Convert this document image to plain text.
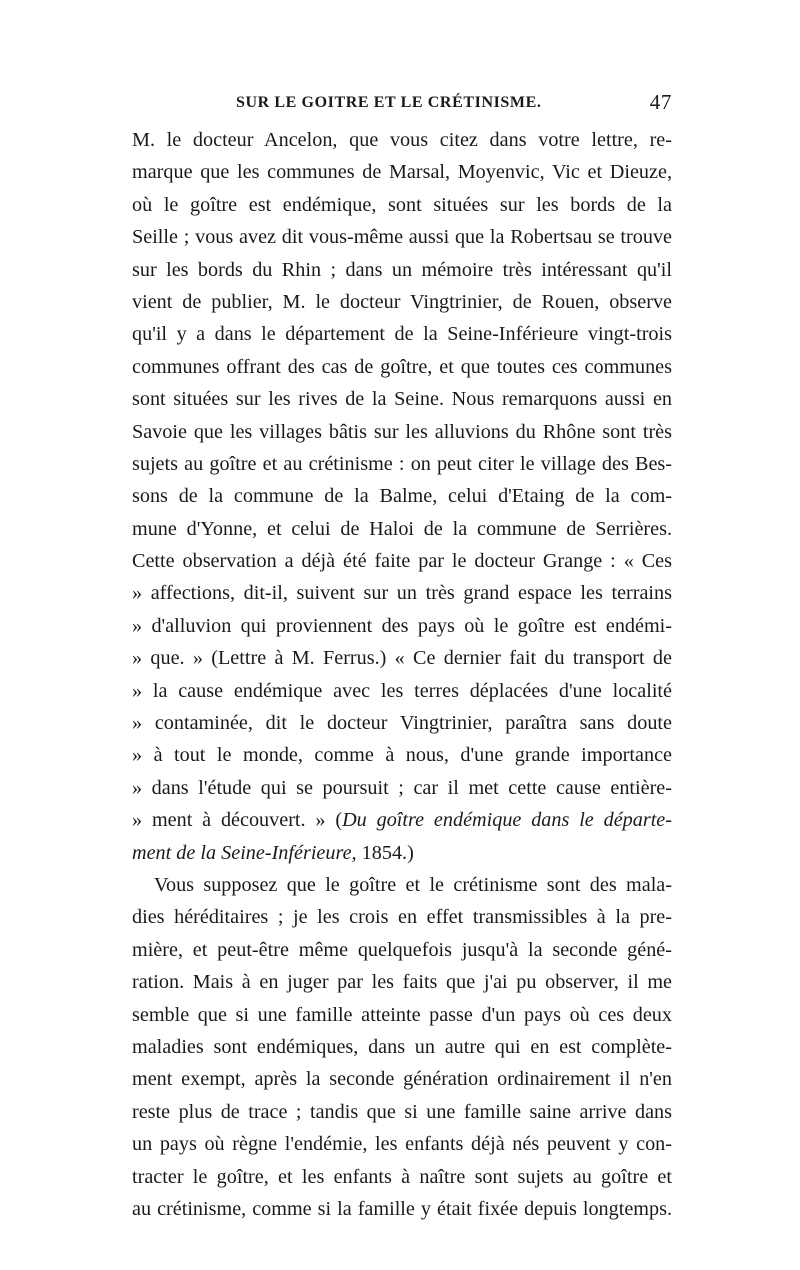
SUR LE GOITRE ET LE CRÉTINISME.	47
M. le docteur Ancelon, que vous citez dans votre lettre, re-
marque que les communes de Marsal, Moyenvic, Vic et Dieuze,
où le goître est endémique, sont situées sur les bords de la
Seille ; vous avez dit vous-même aussi que la Robertsau se trouve
sur les bords du Rhin ; dans un mémoire très intéressant qu'il
vient de publier, M. le docteur Vingtrinier, de Rouen, observe
qu'il y a dans le département de la Seine-Inférieure vingt-trois
communes offrant des cas de goître, et que toutes ces communes
sont situées sur les rives de la Seine. Nous remarquons aussi en
Savoie que les villages bâtis sur les alluvions du Rhône sont très
sujets au goître et au crétinisme : on peut citer le village des Bes-
sons de la commune de la Balme, celui d'Etaing de la com-
mune d'Yonne, et celui de Haloi de la commune de Serrières.
Cette observation a déjà été faite par le docteur Grange : « Ces
» affections, dit-il, suivent sur un très grand espace les terrains
» d'alluvion qui proviennent des pays où le goître est endémi-
» que. » (Lettre à M. Ferrus.) « Ce dernier fait du transport de
» la cause endémique avec les terres déplacées d'une localité
» contaminée, dit le docteur Vingtrinier, paraîtra sans doute
» à tout le monde, comme à nous, d'une grande importance
» dans l'étude qui se poursuit ; car il met cette cause entière-
» ment à découvert. » (Du goître endémique dans le départe-
ment de la Seine-Inférieure, 1854.)
Vous supposez que le goître et le crétinisme sont des mala-
dies héréditaires ; je les crois en effet transmissibles à la pre-
mière, et peut-être même quelquefois jusqu'à la seconde géné-
ration. Mais à en juger par les faits que j'ai pu observer, il me
semble que si une famille atteinte passe d'un pays où ces deux
maladies sont endémiques, dans un autre qui en est complète-
ment exempt, après la seconde génération ordinairement il n'en
reste plus de trace ; tandis que si une famille saine arrive dans
un pays où règne l'endémie, les enfants déjà nés peuvent y con-
tracter le goître, et les enfants à naître sont sujets au goître et
au crétinisme, comme si la famille y était fixée depuis longtemps.
